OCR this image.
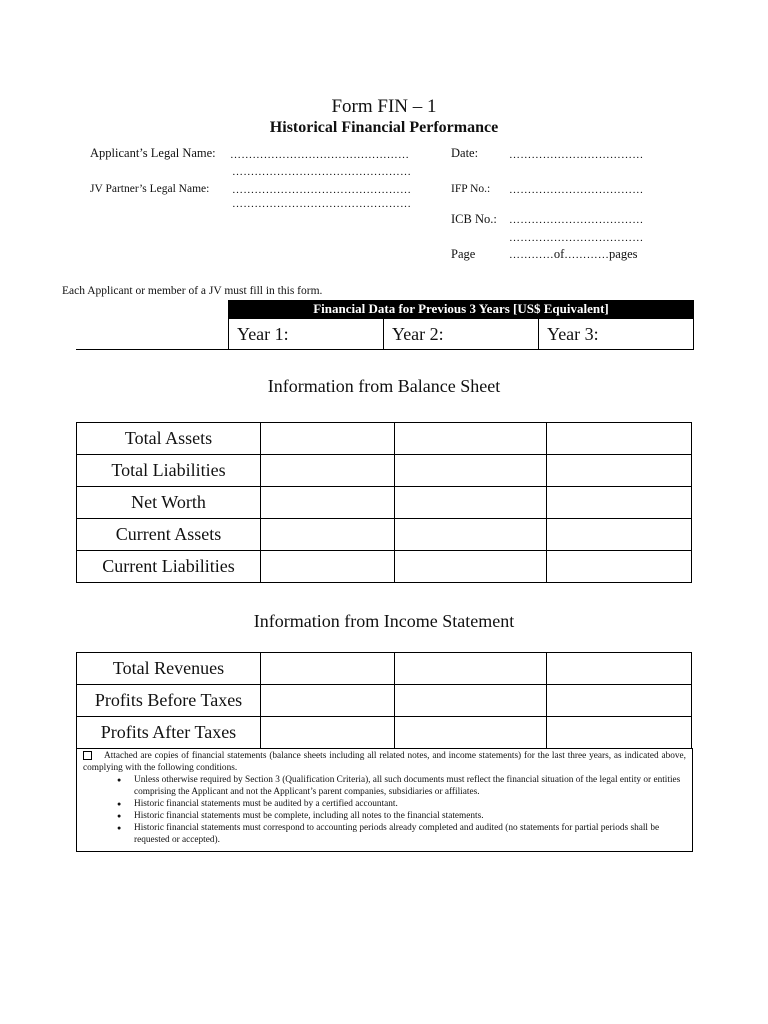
Form FIN – 1
Historical Financial Performance
Applicant’s Legal Name: …………………………………………
…………………………………………
JV Partner’s Legal Name: …………………………………………
…………………………………………
Date:	………………………………
IFP No.: ………………………………
ICB No.: ………………………………
………………………………
Page	…………of…………pages
Each Applicant or member of a JV must fill in this form.
Financial Data for Previous 3 Years [US$ Equivalent]
Year 1:	Year 2:	Year 3:
Information from Balance Sheet
Total Assets			
Total Liabilities			
Net Worth			
Current Assets			
Current Liabilities			
Information from Income Statement
Total Revenues			
Profits Before Taxes			
Profits After Taxes			
Attached are copies of financial statements (balance sheets including all related notes, and income statements) for the last three years, as indicated above, complying with the following conditions.
● Unless otherwise required by Section 3 (Qualification Criteria), all such documents must reflect the financial situation of the legal entity or entities comprising the Applicant and not the Applicant’s parent companies, subsidiaries or affiliates.
● Historic financial statements must be audited by a certified accountant.
● Historic financial statements must be complete, including all notes to the financial statements.
● Historic financial statements must correspond to accounting periods already completed and audited (no statements for partial periods shall be requested or accepted).
